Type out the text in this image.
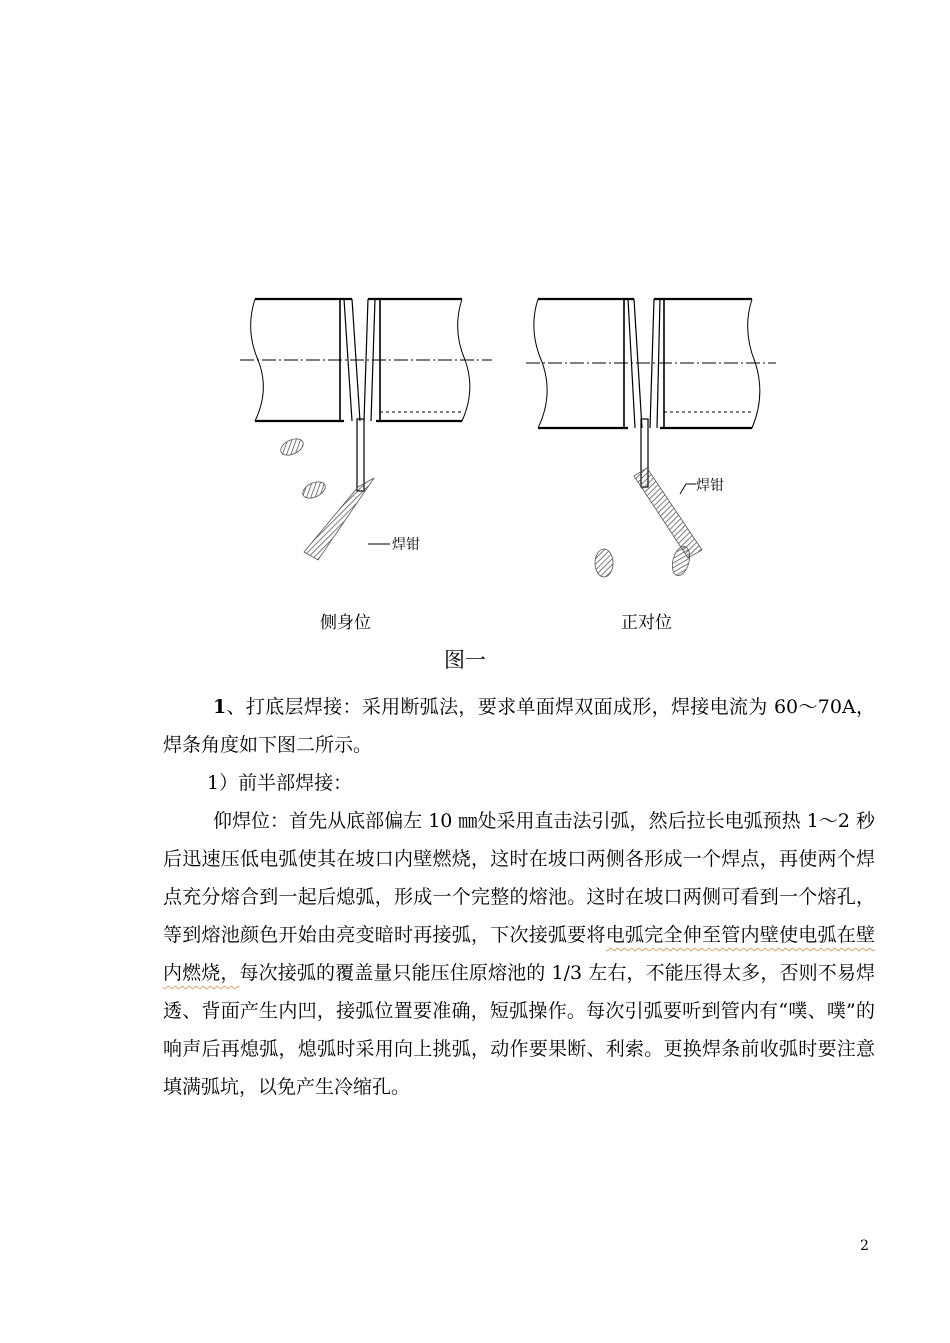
焊钳
焊钳
侧身位	正对位
图一

1、打底层焊接：采用断弧法，要求单面焊双面成形，焊接电流为 60～70A，焊条角度如下图二所示。

1）前半部焊接：

仰焊位：首先从底部偏左 10 ㎜处采用直击法引弧，然后拉长电弧预热 1～2 秒后迅速压低电弧使其在坡口内壁燃烧，这时在坡口两侧各形成一个焊点，再使两个焊点充分熔合到一起后熄弧，形成一个完整的熔池。这时在坡口两侧可看到一个熔孔，等到熔池颜色开始由亮变暗时再接弧，下次接弧要将电弧完全伸至管内壁使电弧在壁内燃烧，每次接弧的覆盖量只能压住原熔池的 1/3 左右，不能压得太多，否则不易焊透、背面产生内凹，接弧位置要准确，短弧操作。每次引弧要听到管内有“噗、噗”的响声后再熄弧，熄弧时采用向上挑弧，动作要果断、利索。更换焊条前收弧时要注意填满弧坑，以免产生冷缩孔。

2
